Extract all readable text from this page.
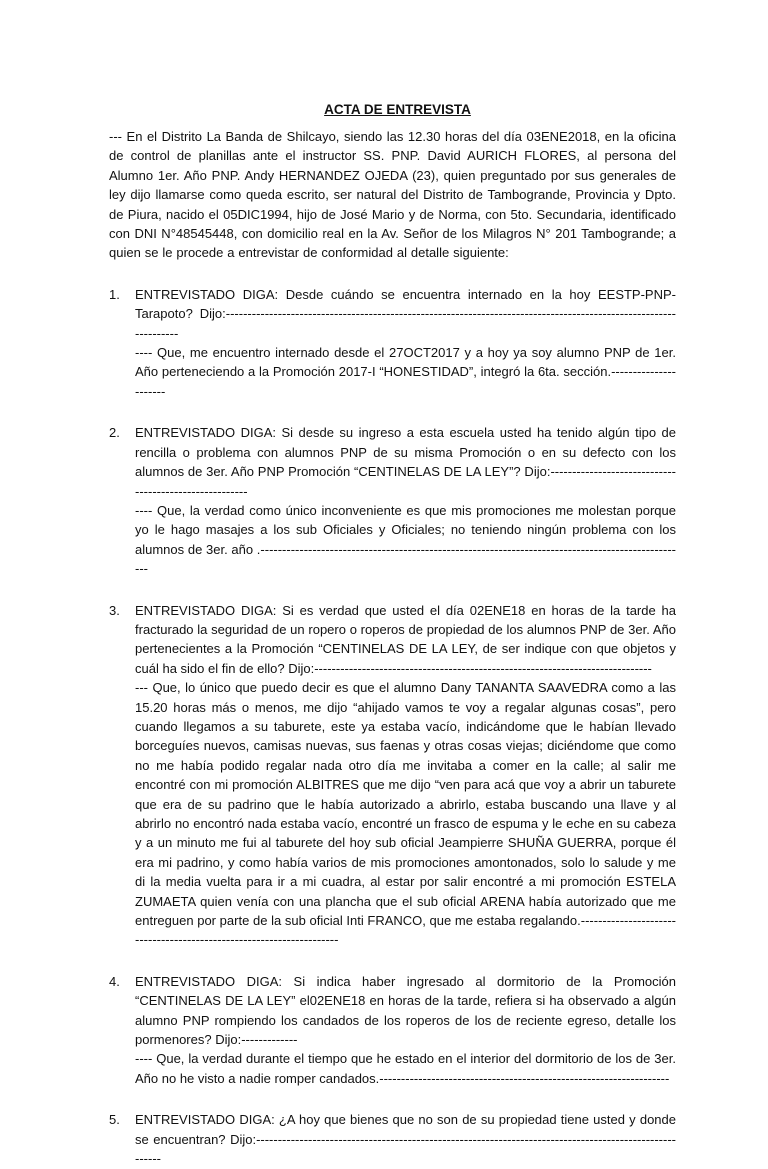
ACTA DE ENTREVISTA

--- En el Distrito La Banda de Shilcayo, siendo las 12.30 horas del día 03ENE2018, en la oficina de control de planillas ante el instructor SS. PNP. David AURICH FLORES, al persona del Alumno 1er. Año PNP. Andy HERNANDEZ OJEDA (23), quien preguntado por sus generales de ley dijo llamarse como queda escrito, ser natural del Distrito de Tambogrande, Provincia y Dpto. de Piura, nacido el 05DIC1994, hijo de José Mario y de Norma, con 5to. Secundaria, identificado con DNI N°48545448, con domicilio real en la Av. Señor de los Milagros N° 201 Tambogrande; a quien se le procede a entrevistar de conformidad al detalle siguiente:

1. ENTREVISTADO DIGA: Desde cuándo se encuentra internado en la hoy EESTP-PNP-Tarapoto? Dijo:------------------------------------------------------------------------------------------------------------------

---- Que, me encuentro internado desde el 27OCT2017 y a hoy ya soy alumno PNP de 1er. Año perteneciendo a la Promoción 2017-I “HONESTIDAD”, integró la 6ta. sección.----------------------

2. ENTREVISTADO DIGA: Si desde su ingreso a esta escuela usted ha tenido algún tipo de rencilla o problema con alumnos PNP de su misma Promoción o en su defecto con los alumnos de 3er. Año PNP Promoción “CENTINELAS DE LA LEY”? Dijo:-------------------------------------------------------

---- Que, la verdad como único inconveniente es que mis promociones me molestan porque yo le hago masajes a los sub Oficiales y Oficiales; no teniendo ningún problema con los alumnos de 3er. año .---------------------------------------------------------------------------------------------------

3. ENTREVISTADO DIGA: Si es verdad que usted el día 02ENE18 en horas de la tarde ha fracturado la seguridad de un ropero o roperos de propiedad de los alumnos PNP de 3er. Año pertenecientes a la Promoción “CENTINELAS DE LA LEY, de ser indique con que objetos y cuál ha sido el fin de ello? Dijo:------------------------------------------------------------------------------

--- Que, lo único que puedo decir es que el alumno Dany TANANTA SAAVEDRA como a las 15.20 horas más o menos, me dijo “ahijado vamos te voy a regalar algunas cosas”, pero cuando llegamos a su taburete, este ya estaba vacío, indicándome que le habían llevado borceguíes nuevos, camisas nuevas, sus faenas y otras cosas viejas; diciéndome que como no me había podido regalar nada otro día me invitaba a comer en la calle; al salir me encontré con mi promoción ALBITRES que me dijo “ven para acá que voy a abrir un taburete que era de su padrino que le había autorizado a abrirlo, estaba buscando una llave y al abrirlo no encontró nada estaba vacío, encontré un frasco de espuma y le eche en su cabeza y a un minuto me fui al taburete del hoy sub oficial Jeampierre SHUÑA GUERRA, porque él era mi padrino, y como había varios de mis promociones amontonados, solo lo salude y me di la media vuelta para ir a mi cuadra, al estar por salir encontré a mi promoción ESTELA ZUMAETA quien venía con una plancha que el sub oficial ARENA había autorizado que me entreguen por parte de la sub oficial Inti FRANCO, que me estaba regalando.---------------------------------------------------------------------

4. ENTREVISTADO DIGA: Si indica haber ingresado al dormitorio de la Promoción “CENTINELAS DE LA LEY” el02ENE18 en horas de la tarde, refiera si ha observado a algún alumno PNP rompiendo los candados de los roperos de los de reciente egreso, detalle los pormenores? Dijo:-------------

---- Que, la verdad durante el tiempo que he estado en el interior del dormitorio de los de 3er. Año no he visto a nadie romper candados.-------------------------------------------------------------------

5. ENTREVISTADO DIGA: ¿A hoy que bienes que no son de su propiedad tiene usted y donde se encuentran? Dijo:-------------------------------------------------------------------------------------------------------
